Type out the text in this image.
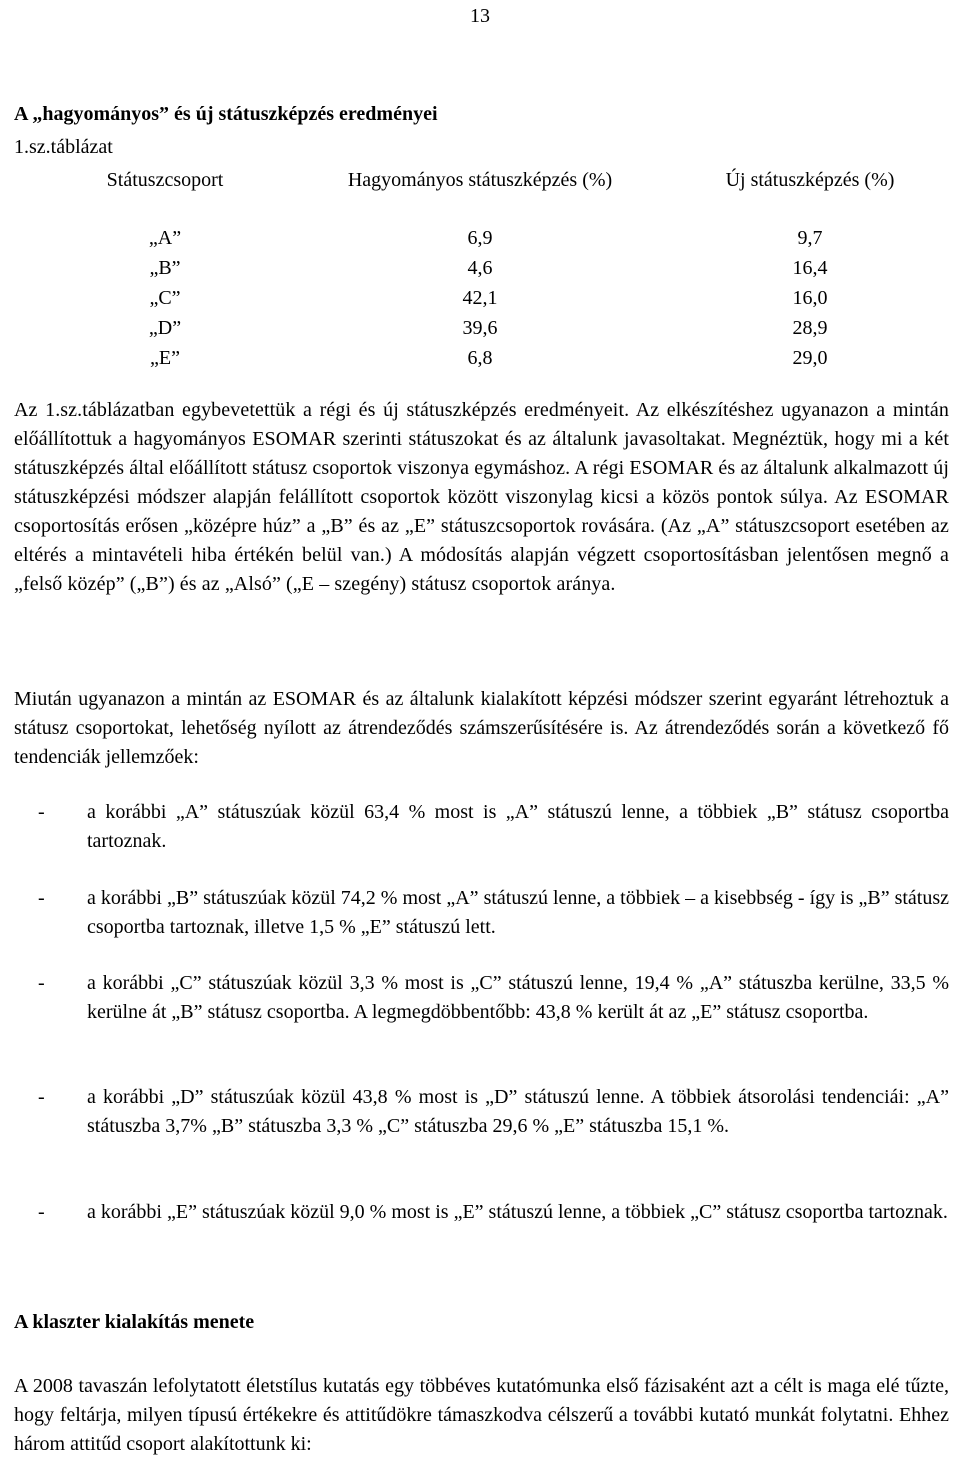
13
A „hagyományos” és új státuszképzés eredményei
1.sz.táblázat
Státuszcsoport	Hagyományos státuszképzés (%)	Új státuszképzés (%)
„A”	6,9	9,7
„B”	4,6	16,4
„C”	42,1	16,0
„D”	39,6	28,9
„E”	6,8	29,0

Az 1.sz.táblázatban egybevetettük a régi és új státuszképzés eredményeit. Az elkészítéshez ugyanazon a mintán előállítottuk a hagyományos ESOMAR szerinti státuszokat és az általunk javasoltakat. Megnéztük, hogy mi a két státuszképzés által előállított státusz csoportok viszonya egymáshoz. A régi ESOMAR és az általunk alkalmazott új státuszképzési módszer alapján felállított csoportok között viszonylag kicsi a közös pontok súlya. Az ESOMAR csoportosítás erősen „középre húz” a „B” és az „E” státuszcsoportok rovására. (Az „A” státuszcsoport esetében az eltérés a mintavételi hiba értékén belül van.) A módosítás alapján végzett csoportosításban jelentősen megnő a „felső közép” („B”) és az „Alsó” („E – szegény) státusz csoportok aránya.

Miután ugyanazon a mintán az ESOMAR és az általunk kialakított képzési módszer szerint egyaránt létrehoztuk a státusz csoportokat, lehetőség nyílott az átrendeződés számszerűsítésére is. Az átrendeződés során a következő fő tendenciák jellemzőek:

- a korábbi „A” státuszúak közül 63,4 % most is „A” státuszú lenne, a többiek „B” státusz csoportba tartoznak.

- a korábbi „B” státuszúak közül 74,2 % most „A” státuszú lenne, a többiek – a kisebbség - így is „B” státusz csoportba tartoznak, illetve 1,5 % „E” státuszú lett.

- a korábbi „C” státuszúak közül 3,3 % most is „C” státuszú lenne, 19,4 % „A” státuszba kerülne, 33,5 % kerülne át „B” státusz csoportba. A legmegdöbbentőbb: 43,8 % került át az „E” státusz csoportba.

- a korábbi „D” státuszúak közül 43,8 % most is „D” státuszú lenne. A többiek átsorolási tendenciái: „A” státuszba 3,7% „B” státuszba 3,3 % „C” státuszba 29,6 % „E” státuszba 15,1 %.

- a korábbi „E” státuszúak közül 9,0 % most is „E” státuszú lenne, a többiek „C” státusz csoportba tartoznak.

A klaszter kialakítás menete

A 2008 tavaszán lefolytatott életstílus kutatás egy többéves kutatómunka első fázisaként azt a célt is maga elé tűzte, hogy feltárja, milyen típusú értékekre és attitűdökre támaszkodva célszerű a további kutató munkát folytatni. Ehhez három attitűd csoport alakítottunk ki:
